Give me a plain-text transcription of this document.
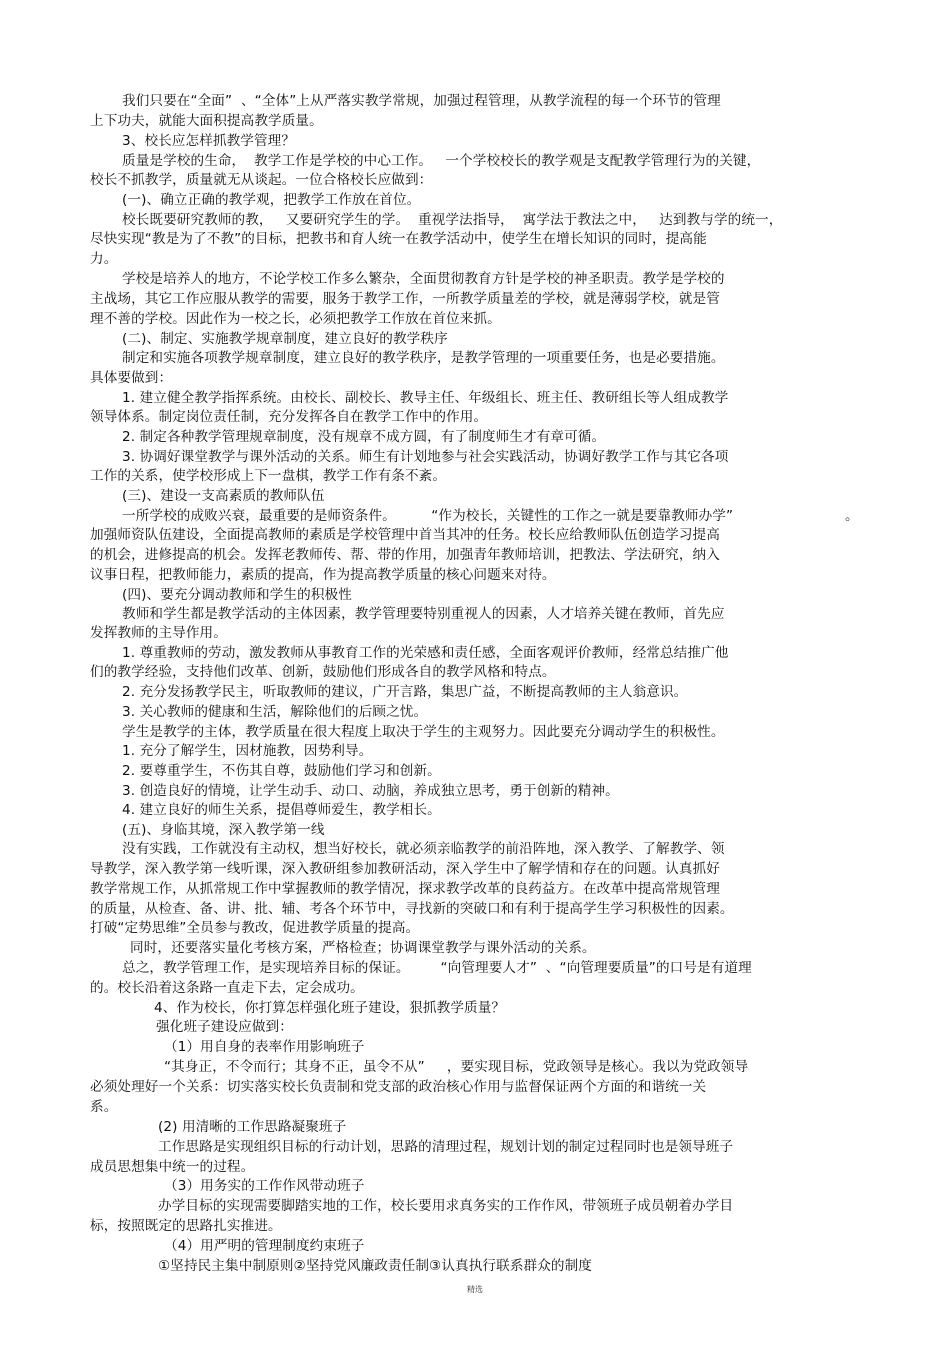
我们只要在“全面”  、“全体”上从严落实教学常规，加强过程管理，从教学流程的每一个环节的管理
上下功夫，就能大面积提高教学质量。
3、校长应怎样抓教学管理？
质量是学校的生命，  教学工作是学校的中心工作。   一个学校校长的教学观是支配教学管理行为的关键，
校长不抓教学，质量就无从谈起。一位合格校长应做到：
(一)、确立正确的教学观，把教学工作放在首位。
校长既要研究教师的教，   又要研究学生的学。  重视学法指导，  寓学法于教法之中，   达到教与学的统一，
尽快实现“教是为了不教”的目标，把教书和育人统一在教学活动中，使学生在增长知识的同时，提高能
力。
学校是培养人的地方，不论学校工作多么繁杂，全面贯彻教育方针是学校的神圣职责。教学是学校的
主战场，其它工作应服从教学的需要，服务于教学工作，一所教学质量差的学校，就是薄弱学校，就是管
理不善的学校。因此作为一校之长，必须把教学工作放在首位来抓。
(二)、制定、实施教学规章制度，建立良好的教学秩序
制定和实施各项教学规章制度，建立良好的教学秩序，是教学管理的一项重要任务，也是必要措施。
具体要做到：
1. 建立健全教学指挥系统。由校长、副校长、教导主任、年级组长、班主任、教研组长等人组成教学
领导体系。制定岗位责任制，充分发挥各自在教学工作中的作用。
2. 制定各种教学管理规章制度，没有规章不成方圆，有了制度师生才有章可循。
3. 协调好课堂教学与课外活动的关系。师生有计划地参与社会实践活动，协调好教学工作与其它各项
工作的关系，使学校形成上下一盘棋，教学工作有条不紊。
(三)、建设一支高素质的教师队伍
一所学校的成败兴衰，最重要的是师资条件。        “作为校长，关键性的工作之一就是要靠教师办学”
加强师资队伍建设，全面提高教师的素质是学校管理中首当其冲的任务。校长应给教师队伍创造学习提高
的机会，进修提高的机会。发挥老教师传、帮、带的作用，加强青年教师培训，把教法、学法研究，纳入
议事日程，把教师能力，素质的提高，作为提高教学质量的核心问题来对待。
(四)、要充分调动教师和学生的积极性
教师和学生都是教学活动的主体因素，教学管理要特别重视人的因素，人才培养关键在教师，首先应
发挥教师的主导作用。
1. 尊重教师的劳动，激发教师从事教育工作的光荣感和责任感，全面客观评价教师，经常总结推广他
们的教学经验，支持他们改革、创新，鼓励他们形成各自的教学风格和特点。
2. 充分发扬教学民主，听取教师的建议，广开言路，集思广益，不断提高教师的主人翁意识。
3. 关心教师的健康和生活，解除他们的后顾之忧。
学生是教学的主体，教学质量在很大程度上取决于学生的主观努力。因此要充分调动学生的积极性。
1. 充分了解学生，因材施教，因势利导。
2. 要尊重学生，不伤其自尊，鼓励他们学习和创新。
3. 创造良好的情境，让学生动手、动口、动脑，养成独立思考，勇于创新的精神。
4. 建立良好的师生关系，提倡尊师爱生，教学相长。
(五)、身临其境，深入教学第一线
没有实践，工作就没有主动权，想当好校长，就必须亲临教学的前沿阵地，深入教学、了解教学、领
导教学，深入教学第一线听课，深入教研组参加教研活动，深入学生中了解学情和存在的问题。认真抓好
教学常规工作，从抓常规工作中掌握教师的教学情况，探求教学改革的良药益方。在改革中提高常规管理
的质量，从检查、备、讲、批、辅、考各个环节中，寻找新的突破口和有利于提高学生学习积极性的因素。
打破“定势思维”全员参与教改，促进教学质量的提高。
同时，还要落实量化考核方案，严格检查；协调课堂教学与课外活动的关系。
总之，教学管理工作，是实现培养目标的保证。       “向管理要人才”  、“向管理要质量”的口号是有道理
的。校长沿着这条路一直走下去，定会成功。
4、作为校长，你打算怎样强化班子建设，狠抓教学质量？
强化班子建设应做到：
（1）用自身的表率作用影响班子
“其身正，不令而行；其身不正，虽令不从”     ，要实现目标，党政领导是核心。我以为党政领导
必须处理好一个关系：切实落实校长负责制和党支部的政治核心作用与监督保证两个方面的和谐统一关
系。
(2) 用清晰的工作思路凝聚班子
工作思路是实现组织目标的行动计划，思路的清理过程，规划计划的制定过程同时也是领导班子
成员思想集中统一的过程。
（3）用务实的工作作风带动班子
办学目标的实现需要脚踏实地的工作，校长要用求真务实的工作作风，带领班子成员朝着办学目
标，按照既定的思路扎实推进。
（4）用严明的管理制度约束班子
①坚持民主集中制原则②坚持党风廉政责任制③认真执行联系群众的制度
。
精选
